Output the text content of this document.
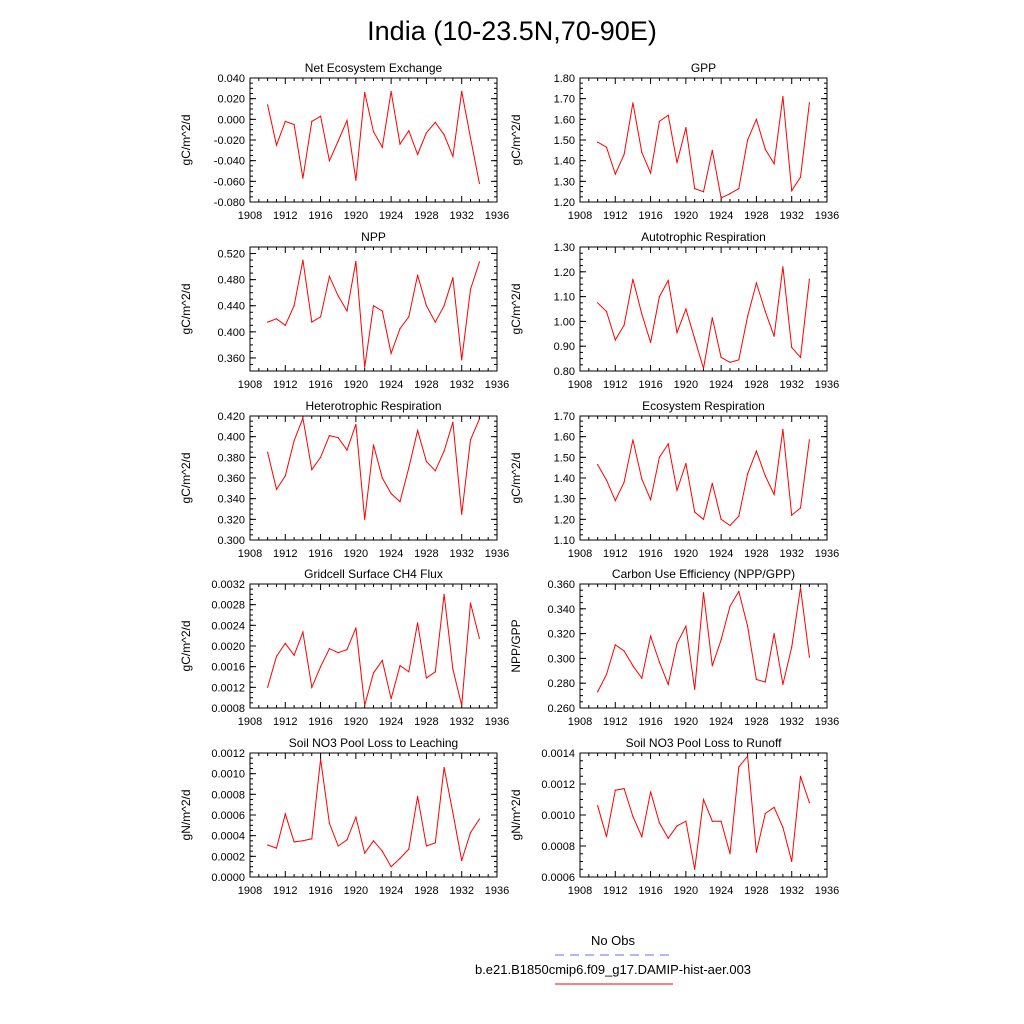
India (10-23.5N,70-90E)
Net Ecosystem Exchange
1908 1912 1916 1920 1924 1928 1932 1936
0.040
0.020
0.000
-0.020
-0.040
-0.060
-0.080
gC/m^2/d
GPP
1908 1912 1916 1920 1924 1928 1932 1936
1.80
1.70
1.60
1.50
1.40
1.30
1.20
gC/m^2/d
NPP
1908 1912 1916 1920 1924 1928 1932 1936
0.520
0.480
0.440
0.400
0.360
gC/m^2/d
Autotrophic Respiration
1908 1912 1916 1920 1924 1928 1932 1936
1.30
1.20
1.10
1.00
0.90
0.80
gC/m^2/d
Heterotrophic Respiration
1908 1912 1916 1920 1924 1928 1932 1936
0.420
0.400
0.380
0.360
0.340
0.320
0.300
gC/m^2/d
Ecosystem Respiration
1908 1912 1916 1920 1924 1928 1932 1936
1.70
1.60
1.50
1.40
1.30
1.20
1.10
gC/m^2/d
Gridcell Surface CH4 Flux
1908 1912 1916 1920 1924 1928 1932 1936
0.0032
0.0028
0.0024
0.0020
0.0016
0.0012
0.0008
gC/m^2/d
Carbon Use Efficiency (NPP/GPP)
1908 1912 1916 1920 1924 1928 1932 1936
0.360
0.340
0.320
0.300
0.280
0.260
NPP/GPP
Soil NO3 Pool Loss to Leaching
1908 1912 1916 1920 1924 1928 1932 1936
0.0012
0.0010
0.0008
0.0006
0.0004
0.0002
0.0000
gN/m^2/d
Soil NO3 Pool Loss to Runoff
1908 1912 1916 1920 1924 1928 1932 1936
0.0014
0.0012
0.0010
0.0008
0.0006
gN/m^2/d
No Obs
b.e21.B1850cmip6.f09_g17.DAMIP-hist-aer.003
